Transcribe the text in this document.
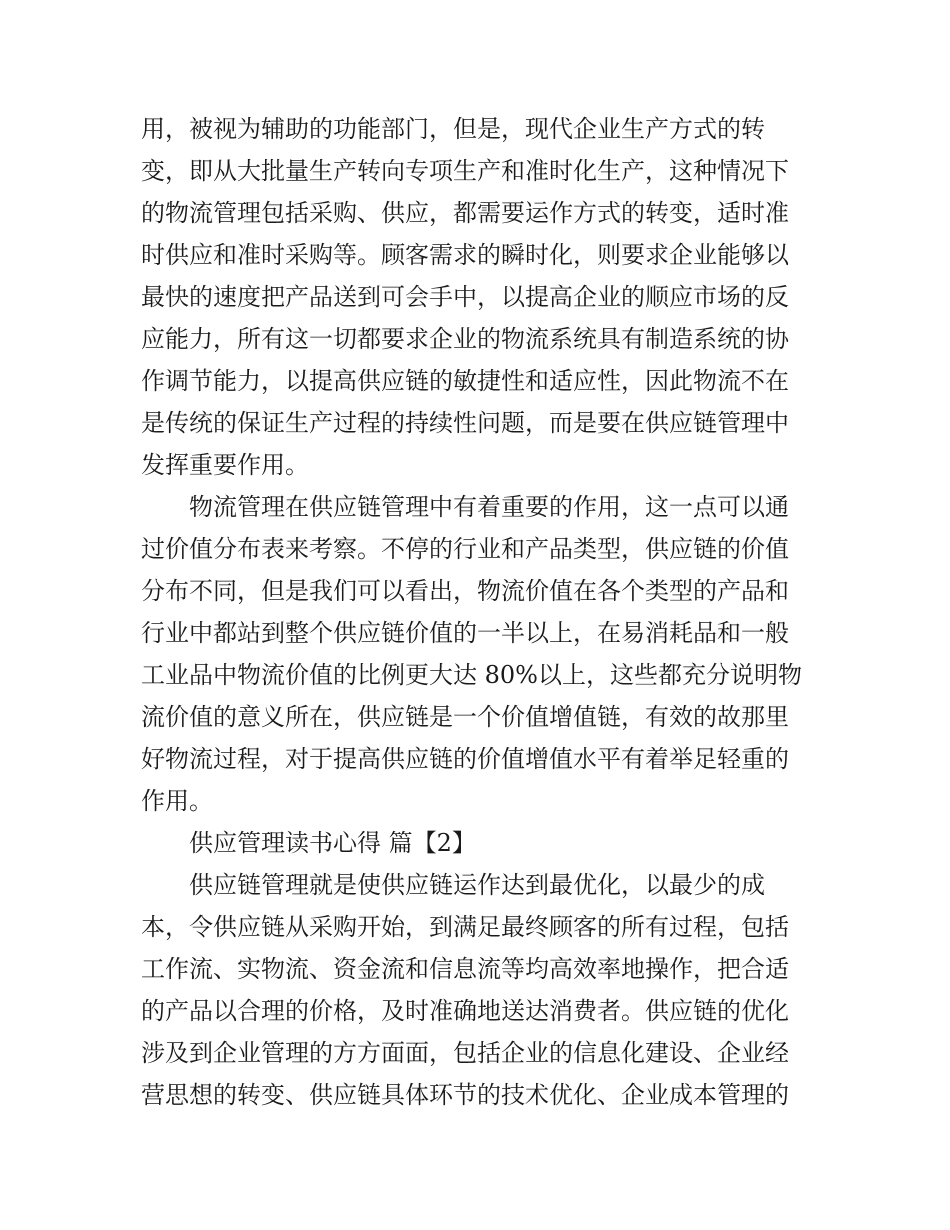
用，被视为辅助的功能部门，但是，现代企业生产方式的转
变，即从大批量生产转向专项生产和准时化生产，这种情况下
的物流管理包括采购、供应，都需要运作方式的转变，适时准
时供应和准时采购等。顾客需求的瞬时化，则要求企业能够以
最快的速度把产品送到可会手中，以提高企业的顺应市场的反
应能力，所有这一切都要求企业的物流系统具有制造系统的协
作调节能力，以提高供应链的敏捷性和适应性，因此物流不在
是传统的保证生产过程的持续性问题，而是要在供应链管理中
发挥重要作用。
物流管理在供应链管理中有着重要的作用，这一点可以通
过价值分布表来考察。不停的行业和产品类型，供应链的价值
分布不同，但是我们可以看出，物流价值在各个类型的产品和
行业中都站到整个供应链价值的一半以上，在易消耗品和一般
工业品中物流价值的比例更大达 80%以上，这些都充分说明物
流价值的意义所在，供应链是一个价值增值链，有效的故那里
好物流过程，对于提高供应链的价值增值水平有着举足轻重的
作用。
供应管理读书心得 篇【2】
供应链管理就是使供应链运作达到最优化，以最少的成
本，令供应链从采购开始，到满足最终顾客的所有过程，包括
工作流、实物流、资金流和信息流等均高效率地操作，把合适
的产品以合理的价格，及时准确地送达消费者。供应链的优化
涉及到企业管理的方方面面，包括企业的信息化建设、企业经
营思想的转变、供应链具体环节的技术优化、企业成本管理的
